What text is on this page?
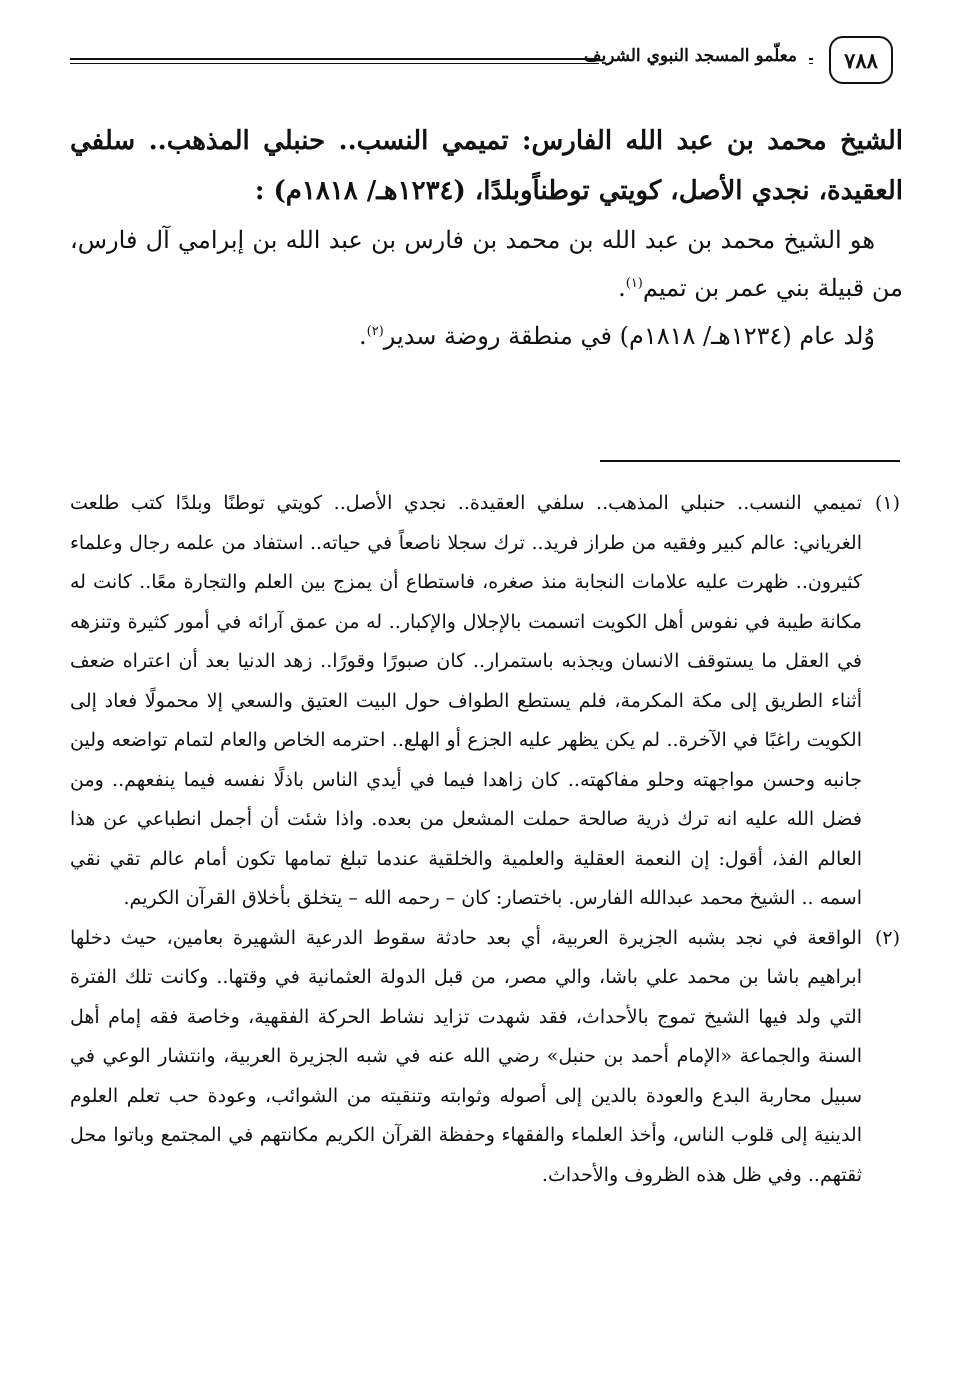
معلّمو المسجد النبوي الشريف	٧٨٨

الشيخ محمد بن عبد الله الفارس: تميمي النسب.. حنبلي المذهب.. سلفي العقيدة، نجدي الأصل، كويتي توطناًوبلدًا، (١٢٣٤هـ/ ١٨١٨م) :

هو الشيخ محمد بن عبد الله بن محمد بن فارس بن عبد الله بن إبرامي آل فارس، من قبيلة بني عمر بن تميم$^{(١)}$.

وُلد عام (١٢٣٤هـ/ ١٨١٨م) في منطقة روضة سدير$^{(٢)}$.

(١)

تميمي النسب.. حنبلي المذهب.. سلفي العقيدة.. نجدي الأصل.. كويتي توطنًا وبلدًا كتب طلعت الغرياني: عالم كبير وفقيه من طراز فريد.. ترك سجلا ناصعاً في حياته.. استفاد من علمه رجال وعلماء كثيرون.. ظهرت عليه علامات النجابة منذ صغره، فاستطاع أن يمزج بين العلم والتجارة معًا.. كانت له مكانة طيبة في نفوس أهل الكويت اتسمت بالإجلال والإكبار.. له من عمق آرائه في أمور كثيرة وتنزهه في العقل ما يستوقف الانسان ويجذبه باستمرار.. كان صبورًا وقورًا.. زهد الدنيا بعد أن اعتراه ضعف أثناء الطريق إلى مكة المكرمة، فلم يستطع الطواف حول البيت العتيق والسعي إلا محمولًا فعاد إلى الكويت راغبًا في الآخرة.. لم يكن يظهر عليه الجزع أو الهلع.. احترمه الخاص والعام لتمام تواضعه ولين جانبه وحسن مواجهته وحلو مفاكهته.. كان زاهدا فيما في أيدي الناس باذلًا نفسه فيما ينفعهم.. ومن فضل الله عليه انه ترك ذرية صالحة حملت المشعل من بعده. واذا شئت أن أجمل انطباعي عن هذا العالم الفذ، أقول: إن النعمة العقلية والعلمية والخلقية عندما تبلغ تمامها تكون أمام عالم تقي نقي اسمه .. الشيخ محمد عبدالله الفارس. باختصار: كان – رحمه الله – يتخلق بأخلاق القرآن الكريم.

(٢)

الواقعة في نجد بشبه الجزيرة العربية، أي بعد حادثة سقوط الدرعية الشهيرة بعامين، حيث دخلها ابراهيم باشا بن محمد علي باشا، والي مصر، من قبل الدولة العثمانية في وقتها.. وكانت تلك الفترة التي ولد فيها الشيخ تموج بالأحداث، فقد شهدت تزايد نشاط الحركة الفقهية، وخاصة فقه إمام أهل السنة والجماعة «الإمام أحمد بن حنبل» رضي الله عنه في شبه الجزيرة العربية، وانتشار الوعي في سبيل محاربة البدع والعودة بالدين إلى أصوله وثوابته وتنقيته من الشوائب، وعودة حب تعلم العلوم الدينية إلى قلوب الناس، وأخذ العلماء والفقهاء وحفظة القرآن الكريم مكانتهم في المجتمع وباتوا محل ثقتهم.. وفي ظل هذه الظروف والأحداث.
